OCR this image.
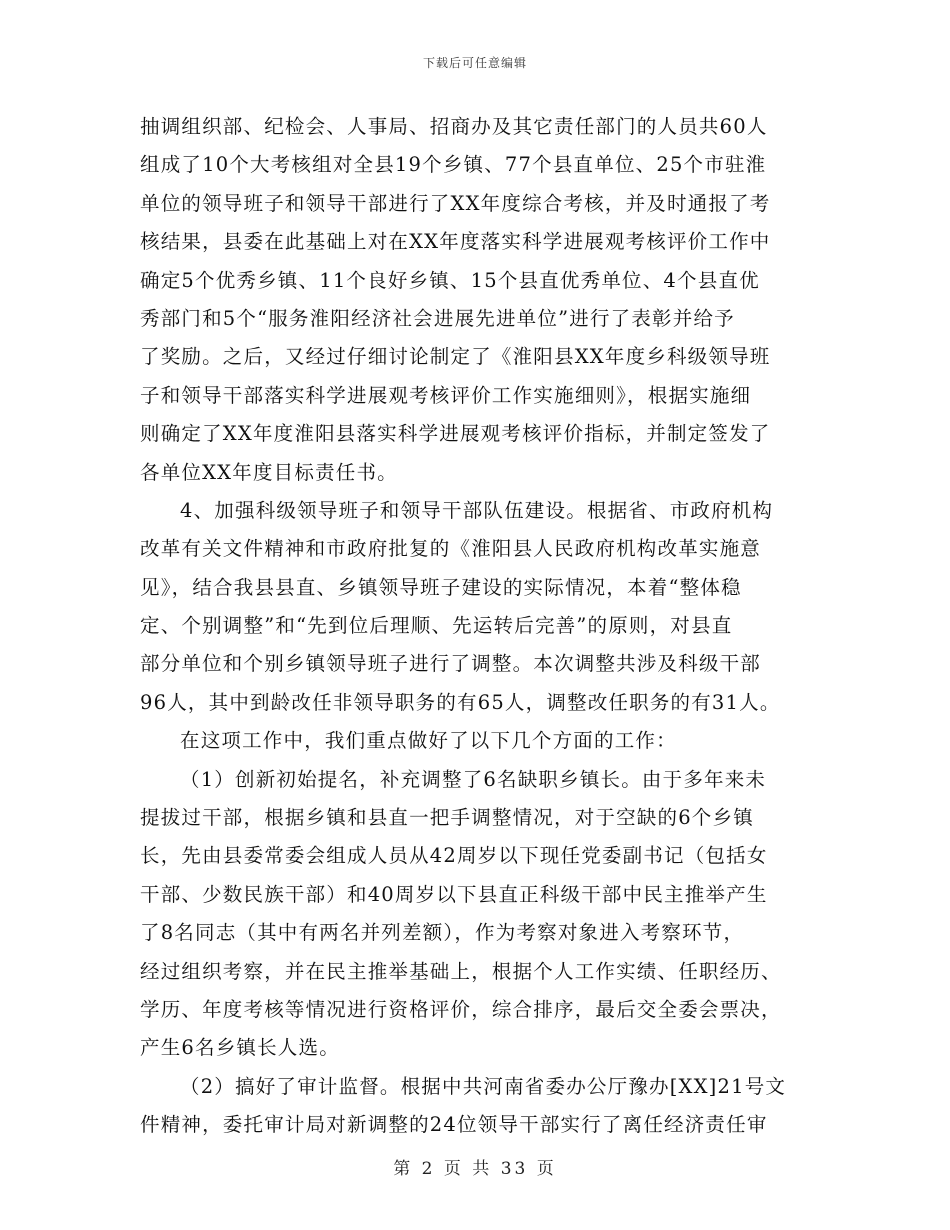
下载后可任意编辑
抽调组织部、纪检会、人事局、招商办及其它责任部门的人员共60人
组成了10个大考核组对全县19个乡镇、77个县直单位、25个市驻淮
单位的领导班子和领导干部进行了XX年度综合考核，并及时通报了考
核结果，县委在此基础上对在XX年度落实科学进展观考核评价工作中
确定5个优秀乡镇、11个良好乡镇、15个县直优秀单位、4个县直优
秀部门和5个“服务淮阳经济社会进展先进单位”进行了表彰并给予
了奖励。之后，又经过仔细讨论制定了《淮阳县XX年度乡科级领导班
子和领导干部落实科学进展观考核评价工作实施细则》，根据实施细
则确定了XX年度淮阳县落实科学进展观考核评价指标，并制定签发了
各单位XX年度目标责任书。
4、加强科级领导班子和领导干部队伍建设。根据省、市政府机构
改革有关文件精神和市政府批复的《淮阳县人民政府机构改革实施意
见》，结合我县县直、乡镇领导班子建设的实际情况，本着“整体稳
定、个别调整”和“先到位后理顺、先运转后完善”的原则，对县直
部分单位和个别乡镇领导班子进行了调整。本次调整共涉及科级干部
96人，其中到龄改任非领导职务的有65人，调整改任职务的有31人。
在这项工作中，我们重点做好了以下几个方面的工作：
（1）创新初始提名，补充调整了6名缺职乡镇长。由于多年来未
提拔过干部，根据乡镇和县直一把手调整情况，对于空缺的6个乡镇
长，先由县委常委会组成人员从42周岁以下现任党委副书记（包括女
干部、少数民族干部）和40周岁以下县直正科级干部中民主推举产生
了8名同志（其中有两名并列差额），作为考察对象进入考察环节，
经过组织考察，并在民主推举基础上，根据个人工作实绩、任职经历、
学历、年度考核等情况进行资格评价，综合排序，最后交全委会票决，
产生6名乡镇长人选。
（2）搞好了审计监督。根据中共河南省委办公厅豫办[XX]21号文
件精神，委托审计局对新调整的24位领导干部实行了离任经济责任审
第 2 页 共 33 页
